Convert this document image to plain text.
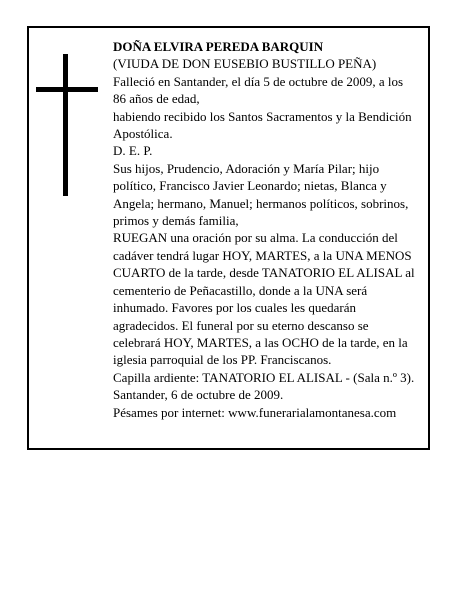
DOÑA ELVIRA PEREDA BARQUIN

(VIUDA DE DON EUSEBIO BUSTILLO PEÑA)

Falleció en Santander, el día 5 de octubre de 2009, a los 86 años de edad,

habiendo recibido los Santos Sacramentos y la Bendición Apostólica.

D. E. P.

Sus hijos, Prudencio, Adoración y María Pilar; hijo político, Francisco Javier Leonardo; nietas, Blanca y Angela; hermano, Manuel; hermanos políticos, sobrinos, primos y demás familia,

RUEGAN una oración por su alma. La conducción del cadáver tendrá lugar HOY, MARTES, a la UNA MENOS CUARTO de la tarde, desde TANATORIO EL ALISAL al cementerio de Peñacastillo, donde a la UNA será inhumado. Favores por los cuales les quedarán agradecidos. El funeral por su eterno descanso se celebrará HOY, MARTES, a las OCHO de la tarde, en la iglesia parroquial de los PP. Franciscanos.

Capilla ardiente: TANATORIO EL ALISAL - (Sala n.º 3).

Santander, 6 de octubre de 2009.

Pésames por internet: www.funerarialamontanesa.com
